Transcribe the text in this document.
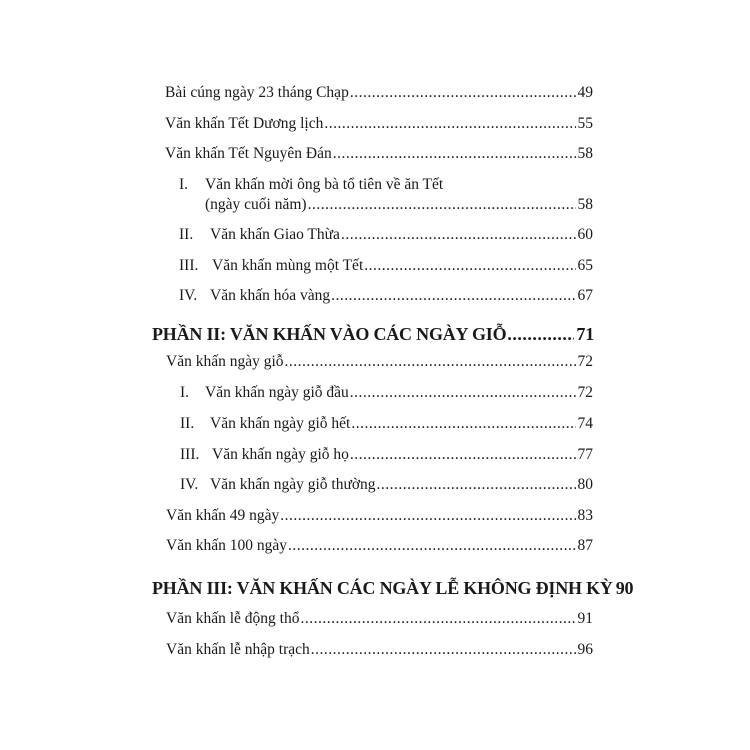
Bài cúng ngày 23 tháng Chạp .....	49
Văn khấn Tết Dương lịch .....	55
Văn khấn Tết Nguyên Đán .....	58
I. Văn khấn mời ông bà tổ tiên về ăn Tết
(ngày cuối năm) .....	58
II.	Văn khấn Giao Thừa .....	60
III. Văn khấn mùng một Tết .....	65
IV. Văn khấn hóa vàng .....	67
PHẦN II: VĂN KHẤN VÀO CÁC NGÀY GIỖ .....	71
Văn khấn ngày giỗ .....	72
I.	Văn khấn ngày giỗ đầu .....	72
II.	Văn khấn ngày giỗ hết .....	74
III. Văn khấn ngày giỗ họ .....	77
IV. Văn khấn ngày giỗ thường .....	80
Văn khấn 49 ngày .....	83
Văn khấn 100 ngày .....	87
PHẦN III: VĂN KHẤN CÁC NGÀY LỄ KHÔNG ĐỊNH KỲ 90
Văn khấn lễ động thổ .....	91
Văn khấn lễ nhập trạch .....	96
